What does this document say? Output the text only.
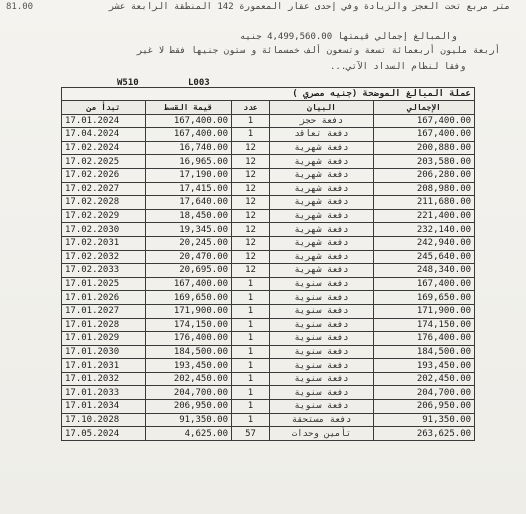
81.00	متر مربع تحت العجز والزيادة وفي إحدى عقار المعمورة 142 المنطقة الرابعة عشر
والمبالغ إجمالي قيمتها 4,499,560.00 جنيه
أربعة مليون أربعمائة تسعة وتسعون ألف خمسمائة و ستون جنيها فقط لا غير
وفقا لنظام السداد الآتي...
W510	L003
عملة المبالغ الموضحة (جنيه مصري )				
تبدأ من	قيمة القسط	عدد	البيان	الإجمالي
17.01.2024	167,400.00	1	دفعة حجز	167,400.00
17.04.2024	167,400.00	1	دفعة تعاقد	167,400.00
17.02.2024	16,740.00	12	دفعة شهرية	200,880.00
17.02.2025	16,965.00	12	دفعة شهرية	203,580.00
17.02.2026	17,190.00	12	دفعة شهرية	206,280.00
17.02.2027	17,415.00	12	دفعة شهرية	208,980.00
17.02.2028	17,640.00	12	دفعة شهرية	211,680.00
17.02.2029	18,450.00	12	دفعة شهرية	221,400.00
17.02.2030	19,345.00	12	دفعة شهرية	232,140.00
17.02.2031	20,245.00	12	دفعة شهرية	242,940.00
17.02.2032	20,470.00	12	دفعة شهرية	245,640.00
17.02.2033	20,695.00	12	دفعة شهرية	248,340.00
17.01.2025	167,400.00	1	دفعة سنوية	167,400.00
17.01.2026	169,650.00	1	دفعة سنوية	169,650.00
17.01.2027	171,900.00	1	دفعة سنوية	171,900.00
17.01.2028	174,150.00	1	دفعة سنوية	174,150.00
17.01.2029	176,400.00	1	دفعة سنوية	176,400.00
17.01.2030	184,500.00	1	دفعة سنوية	184,500.00
17.01.2031	193,450.00	1	دفعة سنوية	193,450.00
17.01.2032	202,450.00	1	دفعة سنوية	202,450.00
17.01.2033	204,700.00	1	دفعة سنوية	204,700.00
17.01.2034	206,950.00	1	دفعة سنوية	206,950.00
17.10.2028	91,350.00	1	دفعة مستحقة	91,350.00
17.05.2024	4,625.00	57	تأمين وحدات	263,625.00
